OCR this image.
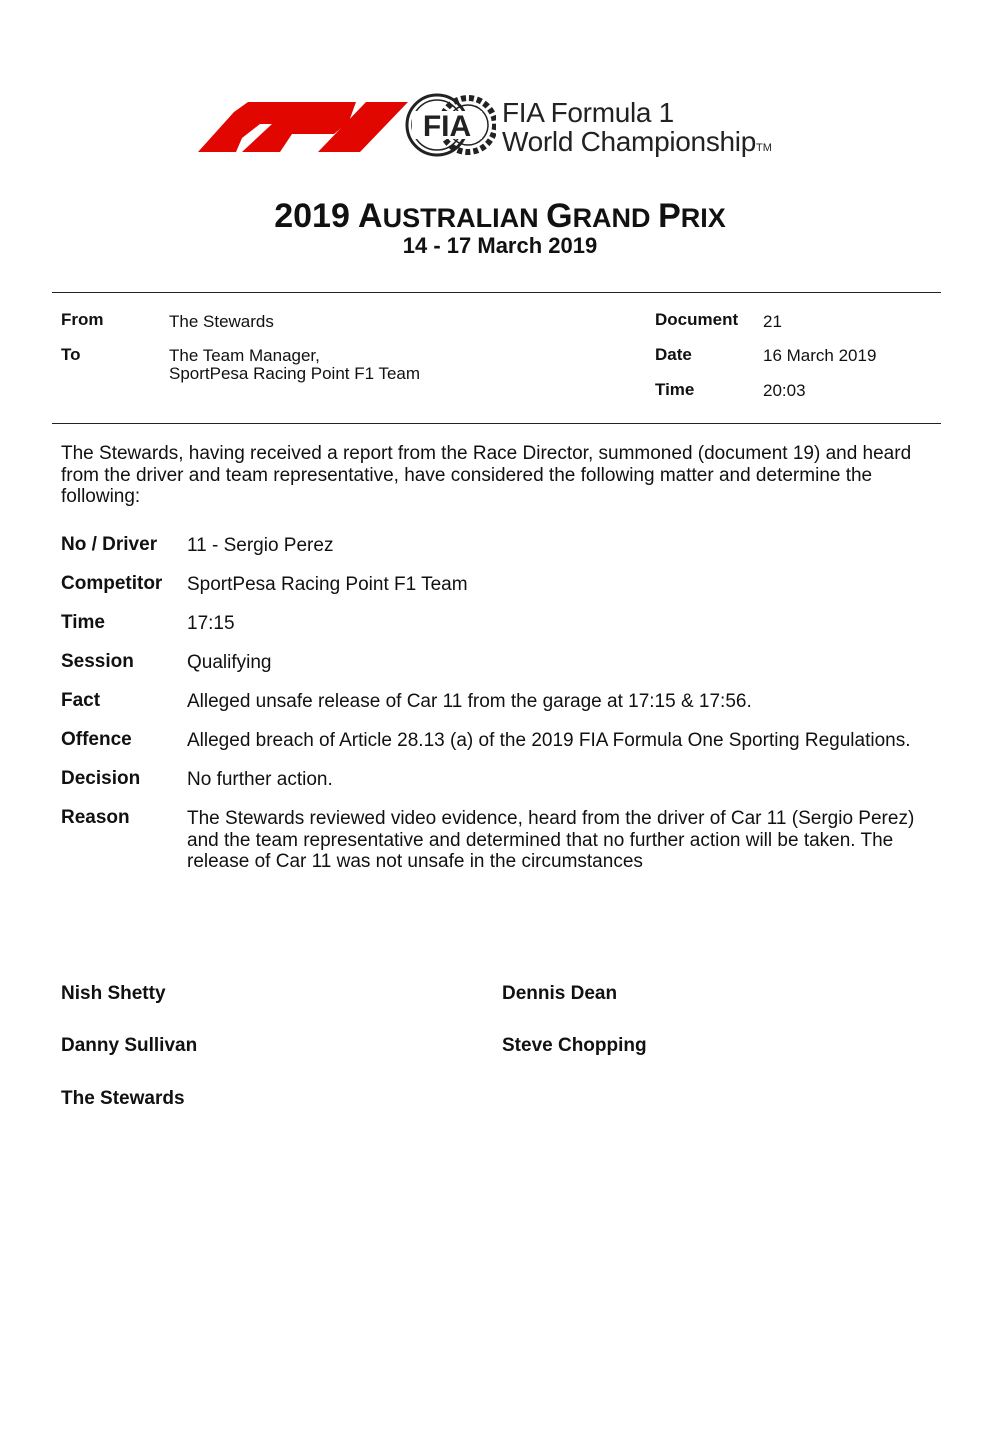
FIA FIA Formula 1
World ChampionshipTM
2019 AUSTRALIAN GRAND PRIX
14 - 17 March 2019
From	The Stewards
To	The Team Manager,
SportPesa Racing Point F1 Team
Document 21
Date	16 March 2019
Time	20:03
The Stewards, having received a report from the Race Director, summoned (document 19) and heard from the driver and team representative, have considered the following matter and determine the following:
No / Driver 11 - Sergio Perez
Competitor SportPesa Racing Point F1 Team
Time	17:15
Session	Qualifying
Fact	Alleged unsafe release of Car 11 from the garage at 17:15 & 17:56.
Offence	Alleged breach of Article 28.13 (a) of the 2019 FIA Formula One Sporting Regulations.
Decision No further action.
Reason	The Stewards reviewed video evidence, heard from the driver of Car 11 (Sergio Perez) and the team representative and determined that no further action will be taken. The release of Car 11 was not unsafe in the circumstances
Nish Shetty	Dennis Dean
Danny Sullivan	Steve Chopping
The Stewards
